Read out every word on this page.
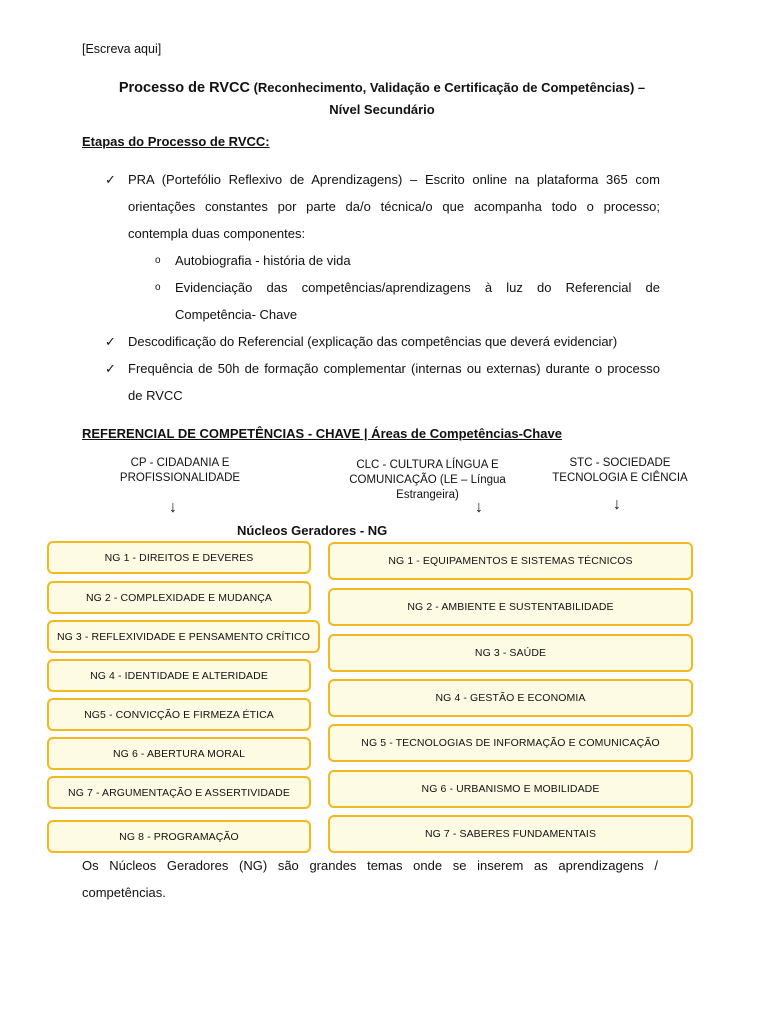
[Escreva aqui]
Processo de RVCC (Reconhecimento, Validação e Certificação de Competências) –
Nível Secundário
Etapas do Processo de RVCC:
✓ PRA (Portefólio Reflexivo de Aprendizagens) – Escrito online na plataforma 365 com orientações constantes por parte da/o técnica/o que acompanha todo o processo; contempla duas componentes:
o	Autobiografia - história de vida
o	Evidenciação das competências/aprendizagens à luz do Referencial de Competência- Chave
✓ Descodificação do Referencial (explicação das competências que deverá evidenciar)
✓ Frequência de 50h de formação complementar (internas ou externas) durante o processo de RVCC
REFERENCIAL DE COMPETÊNCIAS - CHAVE | Áreas de Competências-Chave
CP - CIDADANIA E
PROFISSIONALIDADE
↓
CLC - CULTURA LÍNGUA E
COMUNICAÇÃO (LE – Língua
Estrangeira)
↓
STC - SOCIEDADE
TECNOLOGIA E CIÊNCIA
↓
Núcleos Geradores - NG
NG 1 - DIREITOS E DEVERES
NG 2 - COMPLEXIDADE E MUDANÇA
NG 3 - REFLEXIVIDADE E PENSAMENTO CRÍTICO
NG 4 - IDENTIDADE E ALTERIDADE
NG5 - CONVICÇÃO E FIRMEZA ÉTICA
NG 6 - ABERTURA MORAL
NG 7 - ARGUMENTAÇÃO E ASSERTIVIDADE
NG 8 - PROGRAMAÇÃO
NG 1 - EQUIPAMENTOS E SISTEMAS TÉCNICOS
NG 2 - AMBIENTE E SUSTENTABILIDADE
NG 3 - SAÚDE
NG 4 - GESTÃO E ECONOMIA
NG 5 - TECNOLOGIAS DE INFORMAÇÃO E COMUNICAÇÃO
NG 6 - URBANISMO E MOBILIDADE
NG 7 - SABERES FUNDAMENTAIS
Os Núcleos Geradores (NG) são grandes temas onde se inserem as aprendizagens / competências.
